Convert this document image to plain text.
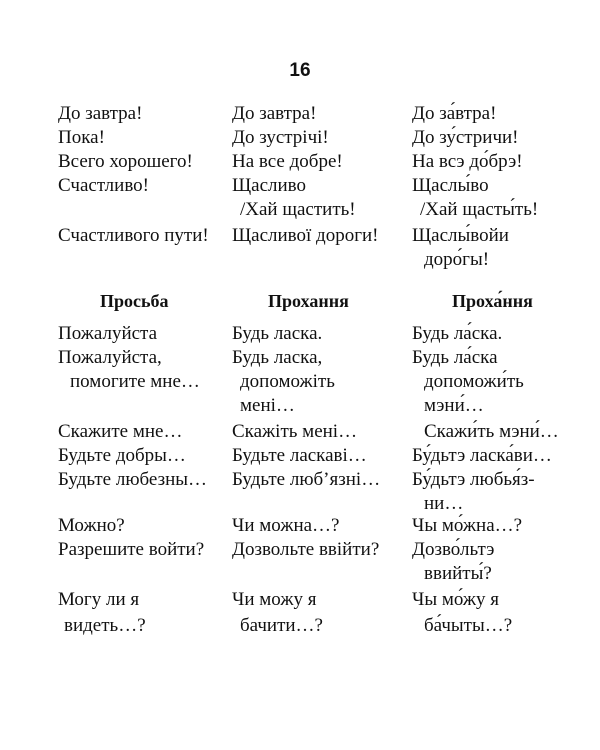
16
До завтра!
Пока!
Всего хорошего!
Счастливо!
Счастливого пути!
Просьба
Пожалуйста
Пожалуйста,
помогите мне…
Скажите мне…
Будьте добры…
Будьте любезны…
Можно?
Разрешите войти?
Могу ли я
видеть…?
До завтра!
До зустрічі!
На все добре!
Щасливо
/Хай щастить!
Щасливої дороги!
Прохання
Будь ласка.
Будь ласка,
допоможіть
мені…
Скажіть мені…
Будьте ласкаві…
Будьте люб’язні…
Чи можна…?
Дозвольте ввійти?
Чи можу я
бачити…?
До за́втра!
До зу́стричи!
На всэ до́брэ!
Щаслы́во
/Хай щасты́ть!
Щаслы́войи
доро́гы!
Проха́ння
Будь ла́ска.
Будь ла́ска
допоможи́ть
мэни́…
Скажи́ть мэни́…
Бу́дьтэ ласка́ви…
Бу́дьтэ любья́з-
ни…
Чы мо́жна…?
Дозво́льтэ
ввийты́?
Чы мо́жу я
ба́чыты…?
